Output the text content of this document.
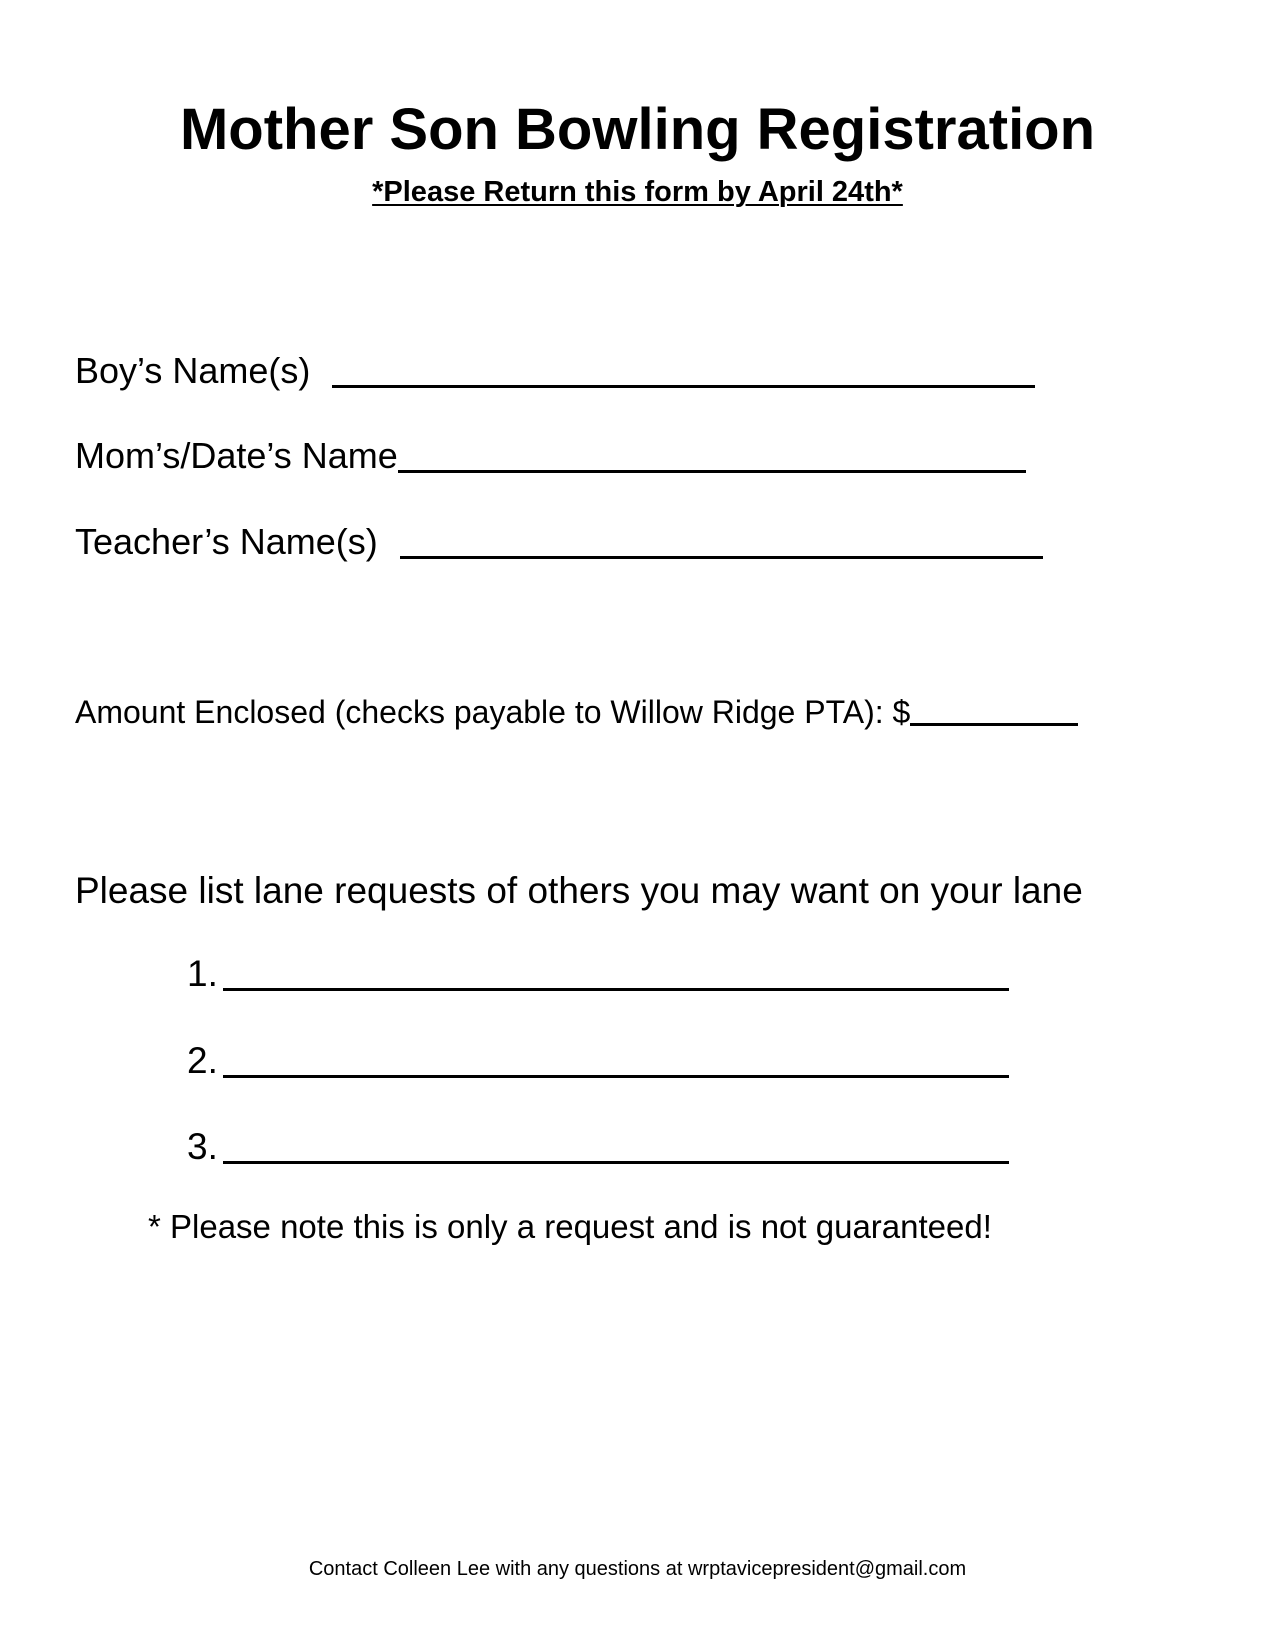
Mother Son Bowling Registration

*Please Return this form by April 24th*

Boy’s Name(s)
Mom’s/Date’s Name
Teacher’s Name(s)
Amount Enclosed (checks payable to Willow Ridge PTA): $

Please list lane requests of others you may want on your lane

1.
2.
3.

* Please note this is only a request and is not guaranteed!

Contact Colleen Lee with any questions at wrptavicepresident@gmail.com
